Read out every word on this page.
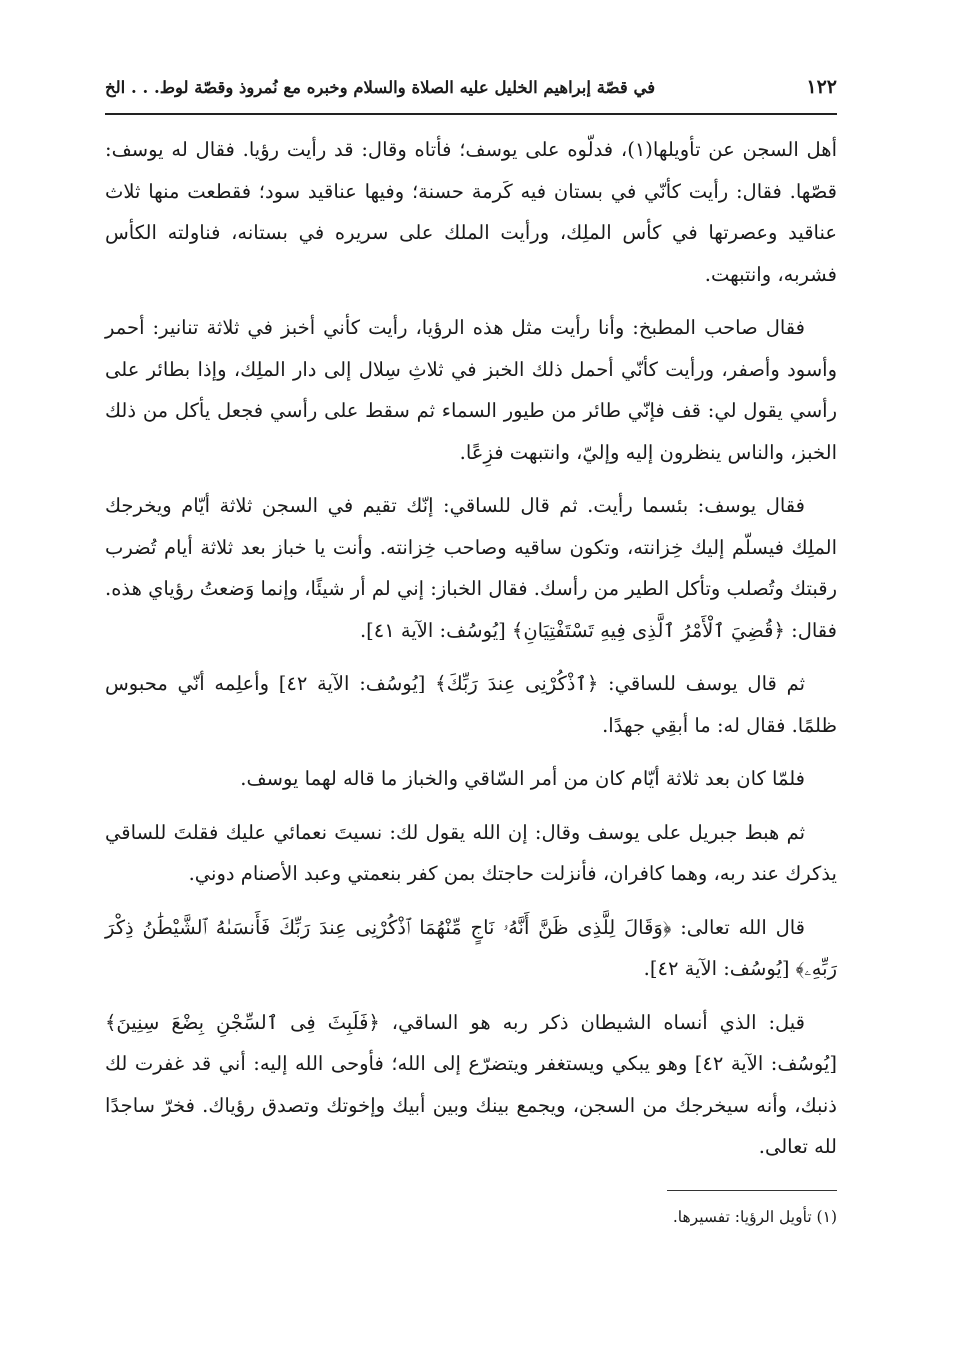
١٢٢
في قصّة إبراهيم الخليل عليه الصلاة والسلام وخبره مع نُمروذ وقصّة لوط. . . الخ

أهل السجن عن تأويلها(١)، فدلّوه على يوسف؛ فأتاه وقال: قد رأيت رؤيا. فقال له يوسف: قصّها. فقال: رأيت كأنّي في بستان فيه كَرمة حسنة؛ وفيها عناقيد سود؛ فقطعت منها ثلاث عناقيد وعصرتها في كأس الملِك، ورأيت الملك على سريره في بستانه، فناولته الكأس فشربه، وانتبهت.

فقال صاحب المطبخ: وأنا رأيت مثل هذه الرؤيا، رأيت كأني أخبز في ثلاثة تنانير: أحمر وأسود وأصفر، ورأيت كأنّي أحمل ذلك الخبز في ثلاثِ سِلال إلى دار الملِك، وإذا بطائر على رأسي يقول لي: قف فإنّي طائر من طيور السماء ثم سقط على رأسي فجعل يأكل من ذلك الخبز، والناس ينظرون إليه وإليّ، وانتبهت فزِعًا.

فقال يوسف: بئسما رأيت. ثم قال للساقي: إنّك تقيم في السجن ثلاثة أيّام ويخرجك الملِك فيسلّم إليك خِزانته، وتكون ساقيه وصاحب خِزانته. وأنت يا خباز بعد ثلاثة أيام تُضرب رقبتك وتُصلب وتأكل الطير من رأسك. فقال الخباز: إني لم أر شيئًا، وإنما وَضعتُ رؤياي هذه. فقال: ﴿قُضِيَ ٱلْأَمْرُ ٱلَّذِى فِيهِ تَسْتَفْتِيَانِ﴾ [يُوسُف: الآية ٤١].

ثم قال يوسف للساقي: ﴿ٱذْكُرْنِى عِندَ رَبِّكَ﴾ [يُوسُف: الآية ٤٢] وأعلِمه أنّي محبوس ظلمًا. فقال له: ما أبقِي جهدًا.

فلمّا كان بعد ثلاثة أيّام كان من أمر السّاقي والخباز ما قاله لهما يوسف.

ثم هبط جبريل على يوسف وقال: إن الله يقول لك: نسيتَ نعمائي عليك فقلتَ للساقي يذكرك عند ربه، وهما كافران، فأنزلت حاجتك بمن كفر بنعمتي وعبد الأصنام دوني.

قال الله تعالى: ﴿وَقَالَ لِلَّذِى ظَنَّ أَنَّهُۥ نَاجٍ مِّنْهُمَا ٱذْكُرْنِى عِندَ رَبِّكَ فَأَنسَىٰهُ ٱلشَّيْطَٰنُ ذِكْرَ رَبِّهِۦ﴾ [يُوسُف: الآية ٤٢].

قيل: الذي أنساه الشيطان ذكر ربه هو الساقي، ﴿فَلَبِثَ فِى ٱلسِّجْنِ بِضْعَ سِنِينَ﴾ [يُوسُف: الآية ٤٢] وهو يبكي ويستغفر ويتضرّع إلى الله؛ فأوحى الله إليه: أني قد غفرت لك ذنبك، وأنه سيخرجك من السجن، ويجمع بينك وبين أبيك وإخوتك وتصدق رؤياك. فخرّ ساجدًا لله تعالى.

(١) تأويل الرؤيا: تفسيرها.
